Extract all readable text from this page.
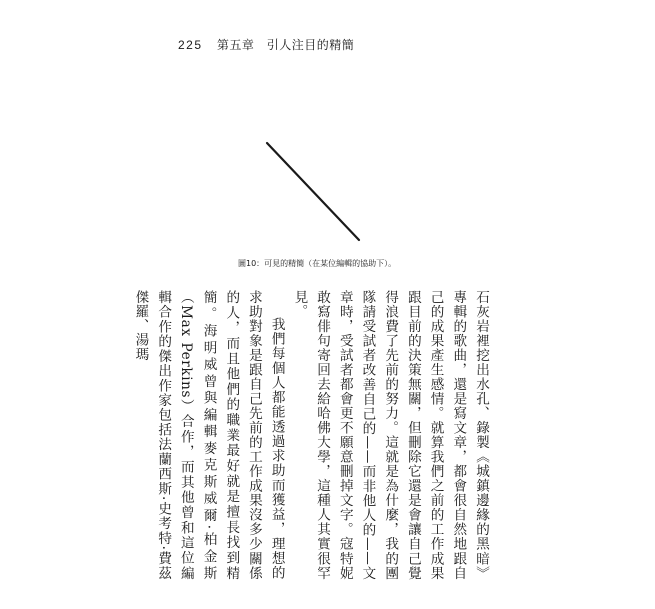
225 第五章 引人注目的精簡
圖10：可見的精簡（在某位編輯的協助下）。

石灰岩裡挖出水孔、錄製《城鎮邊緣的黑暗》專輯的歌曲，還是寫文章，都會很自然地跟自己的成果產生感情。就算我們之前的工作成果跟目前的決策無關，但刪除它還是會讓自己覺得浪費了先前的努力。這就是為什麼，我的團隊請受試者改善自己的——而非他人的——文章時，受試者都會更不願意刪掉文字。寇特妮敢寫俳句寄回去給哈佛大學，這種人其實很罕見。

我們每個人都能透過求助而獲益，理想的求助對象是跟自己先前的工作成果沒多少關係的人，而且他們的職業最好就是擅長找到精簡。海明威曾與編輯麥克斯威爾·柏金斯（Max Perkins）合作，而其他曾和這位編輯合作的傑出作家包括法蘭西斯·史考特·費茲傑羅、湯瑪
